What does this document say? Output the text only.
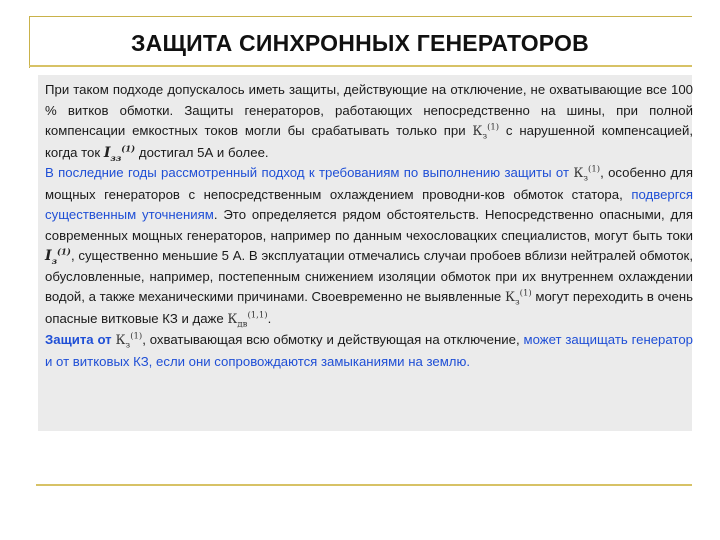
ЗАЩИТА СИНХРОННЫХ ГЕНЕРАТОРОВ

При таком подходе допускалось иметь защиты, действующие на отключение, не охватывающие все 100 % витков обмотки. Защиты генераторов, работающих непосредственно на шины, при полной компенсации емкостных токов могли бы срабатывать только при $К_з^{(1)}$ с нарушенной компенсацией, когда ток $I_{зз}^{(1)}$ достигал 5А и более.

В последние годы рассмотренный подход к требованиям по выполнению защиты от $К_з^{(1)}$, особенно для мощных генераторов с непосредственным охлаждением проводни-ков обмоток статора, подвергся существенным уточнениям. Это определяется рядом обстоятельств. Непосредственно опасными, для современных мощных генераторов, например по данным чехословацких специалистов, могут быть токи $I_з^{(1)}$, существенно меньшие 5 А. В эксплуатации отмечались случаи пробоев вблизи нейтралей обмоток, обусловленные, например, постепенным снижением изоляции обмоток при их внутреннем охлаждении водой, а также механическими причинами. Своевременно не выявленные $К_з^{(1)}$ могут переходить в очень опасные витковые КЗ и даже $К_{дв}^{(1,1)}$.

Защита от $К_з^{(1)}$, охватывающая всю обмотку и действующая на отключение, может защищать генератор и от витковых КЗ, если они сопровождаются замыканиями на землю.
